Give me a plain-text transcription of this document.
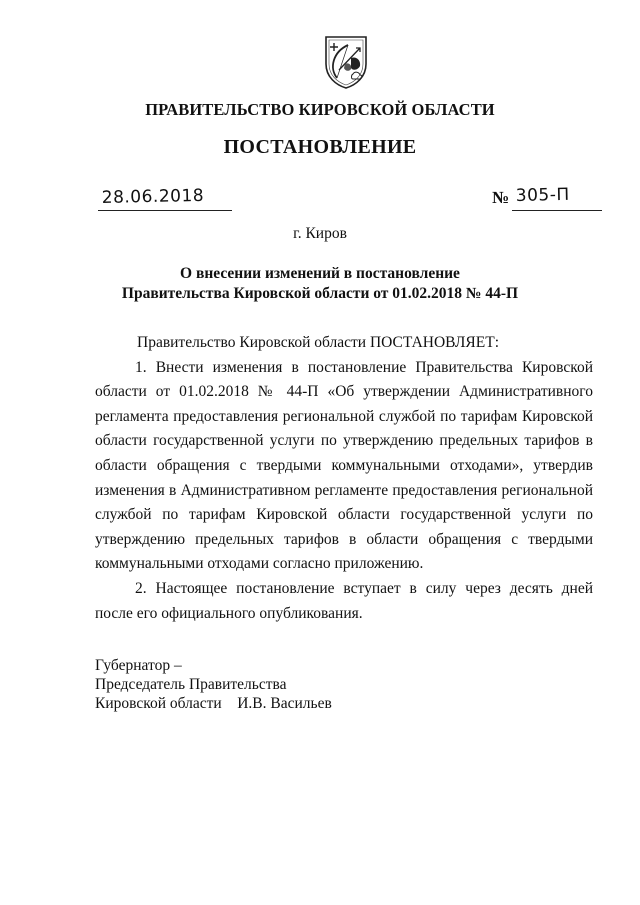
ПРАВИТЕЛЬСТВО КИРОВСКОЙ ОБЛАСТИ
ПОСТАНОВЛЕНИЕ
28.06.2018	№ 305-П
г. Киров
О внесении изменений в постановление
Правительства Кировской области от 01.02.2018 № 44-П

Правительство Кировской области ПОСТАНОВЛЯЕТ:

1. Внести изменения в постановление Правительства Кировской области от 01.02.2018 № 44-П «Об утверждении Административного регламента предоставления региональной службой по тарифам Кировской области государственной услуги по утверждению предельных тарифов в области обращения с твердыми коммунальными отходами», утвердив изменения в Административном регламенте предоставления региональной службой по тарифам Кировской области государственной услуги по утверждению предельных тарифов в области обращения с твердыми коммунальными отходами согласно приложению.

2. Настоящее постановление вступает в силу через десять дней после его официального опубликования.

Губернатор –
Председатель Правительства
Кировской области И.В. Васильев
